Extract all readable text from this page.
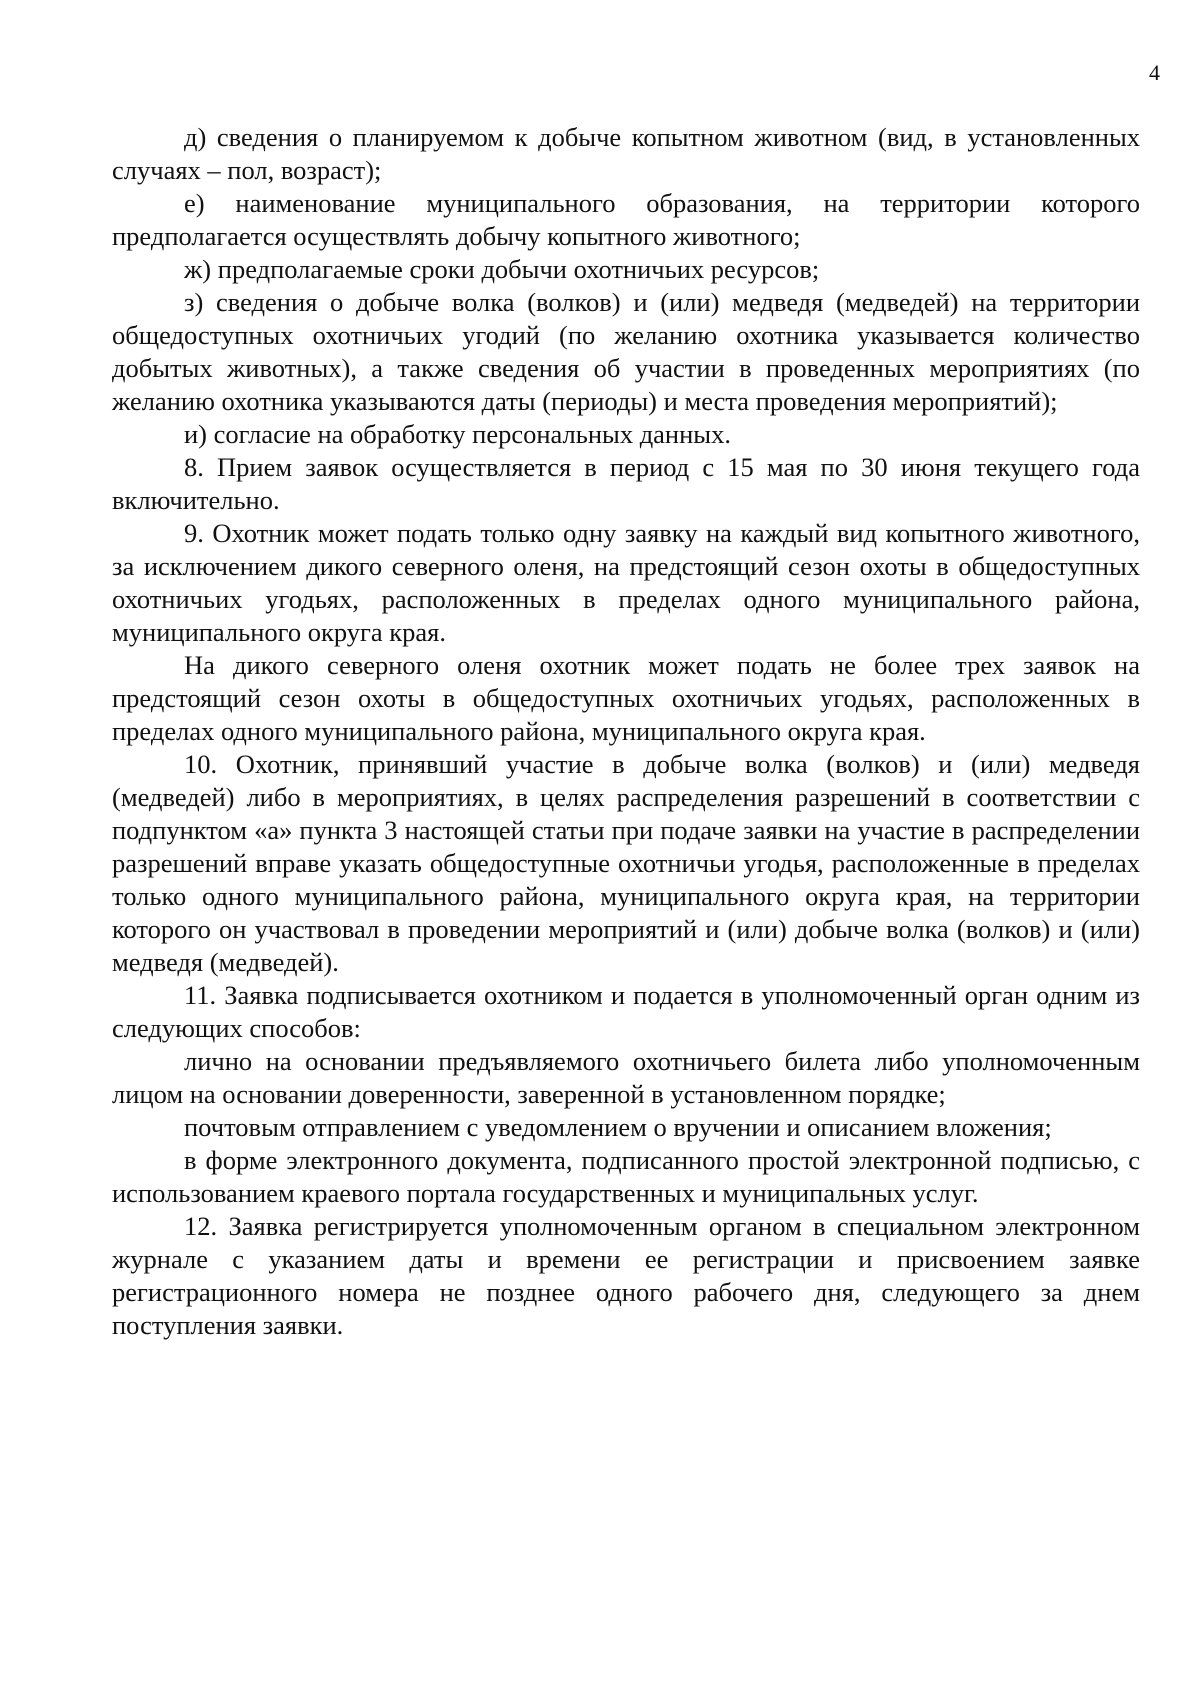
4

д) сведения о планируемом к добыче копытном животном (вид, в установленных случаях – пол, возраст);

е) наименование муниципального образования, на территории которого предполагается осуществлять добычу копытного животного;

ж) предполагаемые сроки добычи охотничьих ресурсов;

з) сведения о добыче волка (волков) и (или) медведя (медведей) на территории общедоступных охотничьих угодий (по желанию охотника указывается количество добытых животных), а также сведения об участии в проведенных мероприятиях (по желанию охотника указываются даты (периоды) и места проведения мероприятий);

и) согласие на обработку персональных данных.

8. Прием заявок осуществляется в период с 15 мая по 30 июня текущего года включительно.

9. Охотник может подать только одну заявку на каждый вид копытного животного, за исключением дикого северного оленя, на предстоящий сезон охоты в общедоступных охотничьих угодьях, расположенных в пределах одного муниципального района, муниципального округа края.

На дикого северного оленя охотник может подать не более трех заявок на предстоящий сезон охоты в общедоступных охотничьих угодьях, расположенных в пределах одного муниципального района, муниципального округа края.

10. Охотник, принявший участие в добыче волка (волков) и (или) медведя (медведей) либо в мероприятиях, в целях распределения разрешений в соответствии с подпунктом «а» пункта 3 настоящей статьи при подаче заявки на участие в распределении разрешений вправе указать общедоступные охотничьи угодья, расположенные в пределах только одного муниципального района, муниципального округа края, на территории которого он участвовал в проведении мероприятий и (или) добыче волка (волков) и (или) медведя (медведей).

11. Заявка подписывается охотником и подается в уполномоченный орган одним из следующих способов:

лично на основании предъявляемого охотничьего билета либо уполномоченным лицом на основании доверенности, заверенной в установленном порядке;

почтовым отправлением с уведомлением о вручении и описанием вложения;

в форме электронного документа, подписанного простой электронной подписью, с использованием краевого портала государственных и муниципальных услуг.

12. Заявка регистрируется уполномоченным органом в специальном электронном журнале с указанием даты и времени ее регистрации и присвоением заявке регистрационного номера не позднее одного рабочего дня, следующего за днем поступления заявки.
